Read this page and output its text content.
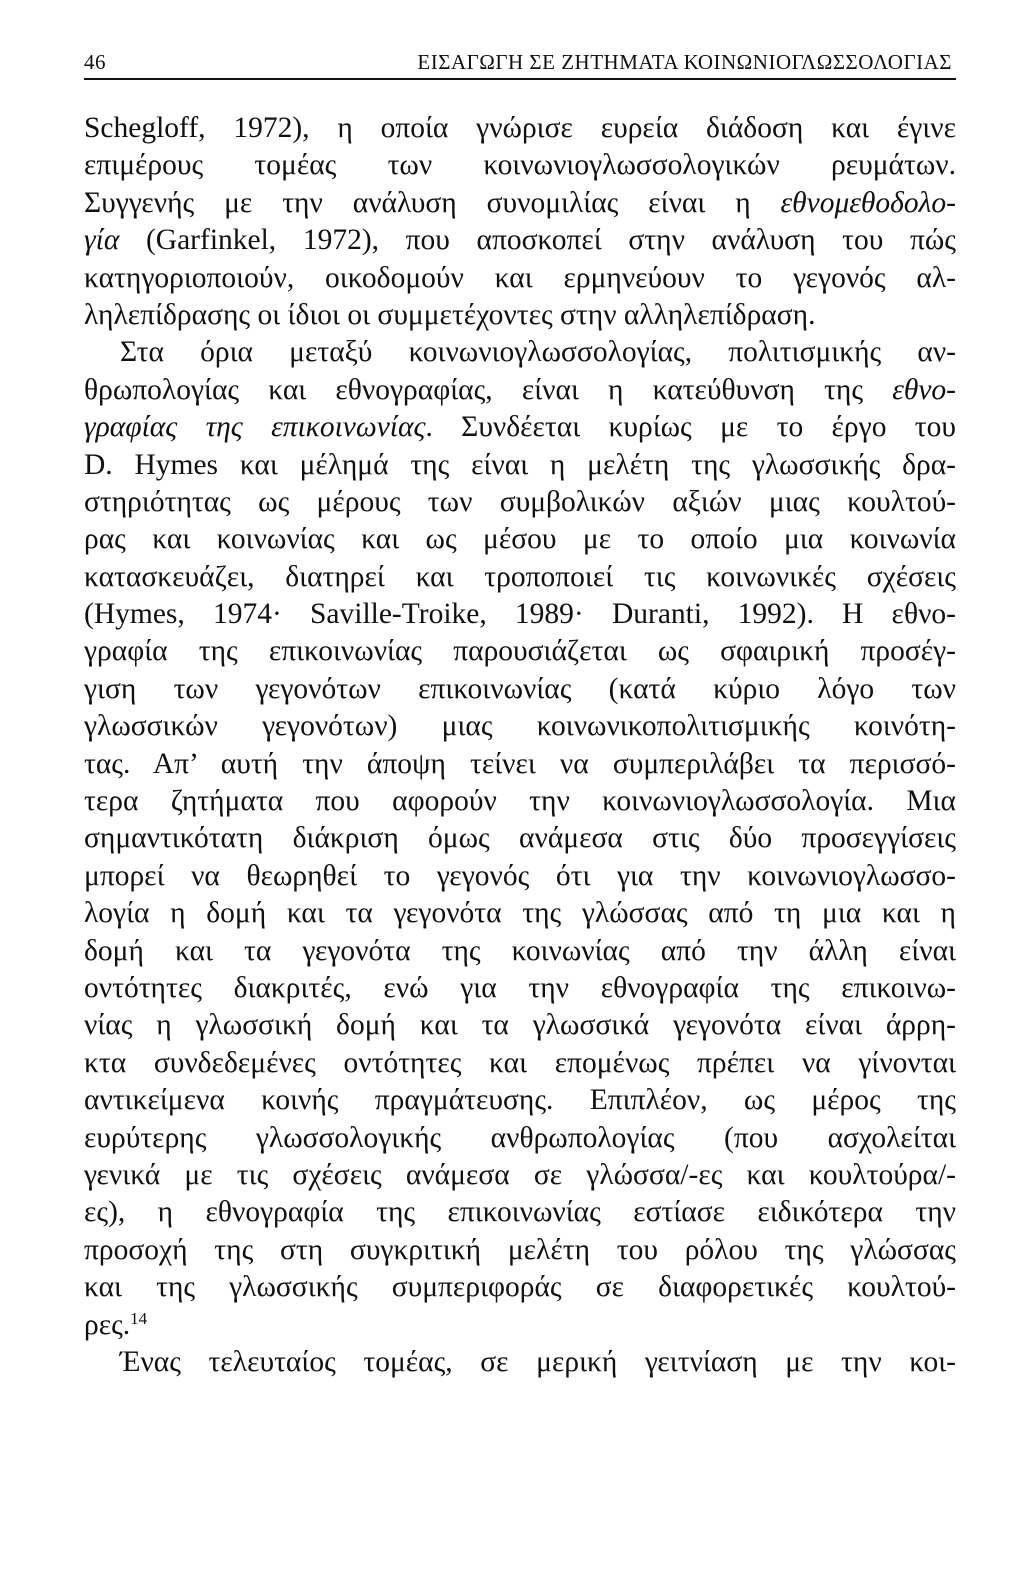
46	ΕΙΣΑΓΩΓΗ ΣΕ ΖΗΤΗΜΑΤΑ ΚΟΙΝΩΝΙΟΓΛΩΣΣΟΛΟΓΙΑΣ
Schegloff, 1972), η οποία γνώρισε ευρεία διάδοση και έγινε
επιμέρους τομέας των κοινωνιογλωσσολογικών ρευμάτων.
Συγγενής με την ανάλυση συνομιλίας είναι η εθνομεθοδολο-
γία (Garfinkel, 1972), που αποσκοπεί στην ανάλυση του πώς
κατηγοριοποιούν, οικοδομούν και ερμηνεύουν το γεγονός αλ-
ληλεπίδρασης οι ίδιοι οι συμμετέχοντες στην αλληλεπίδραση.
Στα όρια μεταξύ κοινωνιογλωσσολογίας, πολιτισμικής αν-
θρωπολογίας και εθνογραφίας, είναι η κατεύθυνση της εθνο-
γραφίας της επικοινωνίας. Συνδέεται κυρίως με το έργο του
D. Hymes και μέλημά της είναι η μελέτη της γλωσσικής δρα-
στηριότητας ως μέρους των συμβολικών αξιών μιας κουλτού-
ρας και κοινωνίας και ως μέσου με το οποίο μια κοινωνία
κατασκευάζει, διατηρεί και τροποποιεί τις κοινωνικές σχέσεις
(Hymes, 1974· Saville-Troike, 1989· Duranti, 1992). Η εθνο-
γραφία της επικοινωνίας παρουσιάζεται ως σφαιρική προσέγ-
γιση των γεγονότων επικοινωνίας (κατά κύριο λόγο των
γλωσσικών γεγονότων) μιας κοινωνικοπολιτισμικής κοινότη-
τας. Απ’ αυτή την άποψη τείνει να συμπεριλάβει τα περισσό-
τερα ζητήματα που αφορούν την κοινωνιογλωσσολογία. Μια
σημαντικότατη διάκριση όμως ανάμεσα στις δύο προσεγγίσεις
μπορεί να θεωρηθεί το γεγονός ότι για την κοινωνιογλωσσο-
λογία η δομή και τα γεγονότα της γλώσσας από τη μια και η
δομή και τα γεγονότα της κοινωνίας από την άλλη είναι
οντότητες διακριτές, ενώ για την εθνογραφία της επικοινω-
νίας η γλωσσική δομή και τα γλωσσικά γεγονότα είναι άρρη-
κτα συνδεδεμένες οντότητες και επομένως πρέπει να γίνονται
αντικείμενα κοινής πραγμάτευσης. Επιπλέον, ως μέρος της
ευρύτερης γλωσσολογικής ανθρωπολογίας (που ασχολείται
γενικά με τις σχέσεις ανάμεσα σε γλώσσα/-ες και κουλτούρα/-
ες), η εθνογραφία της επικοινωνίας εστίασε ειδικότερα την
προσοχή της στη συγκριτική μελέτη του ρόλου της γλώσσας
και της γλωσσικής συμπεριφοράς σε διαφορετικές κουλτού-
ρες.$^{14}$
Ένας τελευταίος τομέας, σε μερική γειτνίαση με την κοι-
